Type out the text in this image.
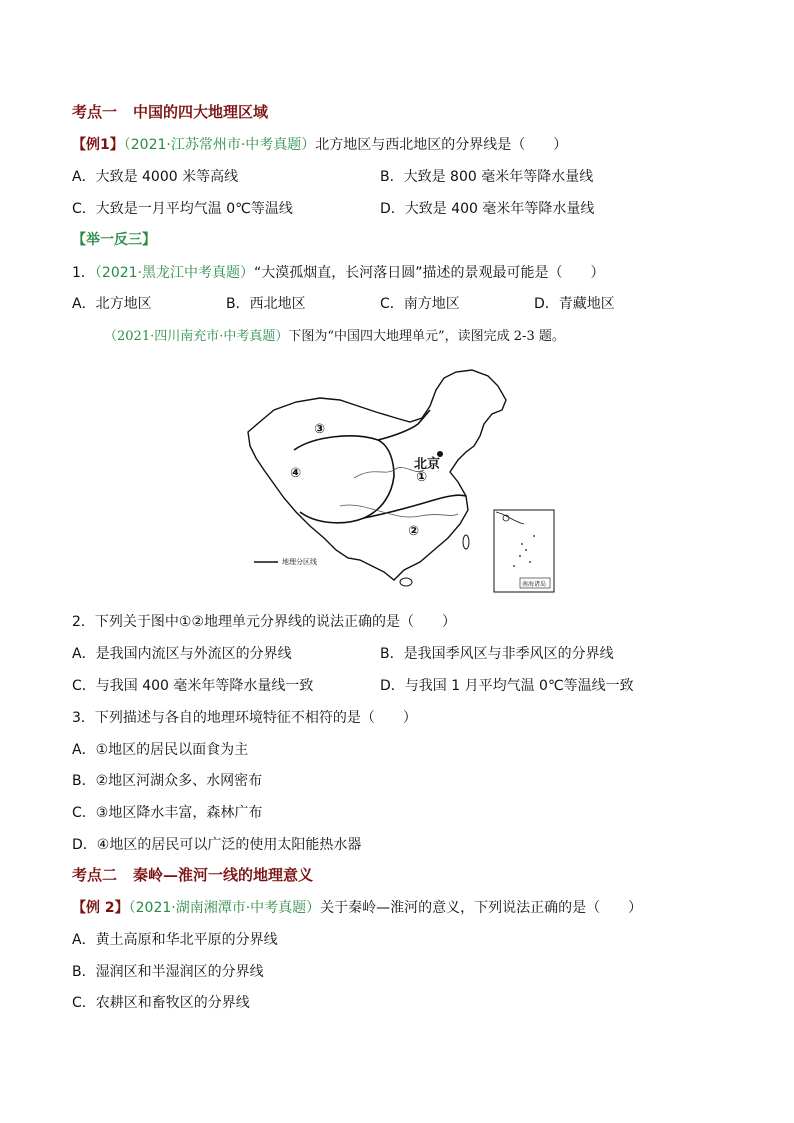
考点一 中国的四大地理区域
【例1】（2021·江苏常州市·中考真题）北方地区与西北地区的分界线是（　　）
A．大致是 4000 米等高线	B．大致是 800 毫米年等降水量线
C．大致是一月平均气温 0℃等温线	D．大致是 400 毫米年等降水量线
【举一反三】
1．（2021·黑龙江中考真题）“大漠孤烟直，长河落日圆”描述的景观最可能是（　　）
A．北方地区	B．西北地区	C．南方地区	D．青藏地区
（2021·四川南充市·中考真题）下图为“中国四大地理单元”，读图完成 2-3 题。
③
④
北京
①
②
地理分区线
南海诸岛
2．下列关于图中①②地理单元分界线的说法正确的是（　　）
A．是我国内流区与外流区的分界线	B．是我国季风区与非季风区的分界线
C．与我国 400 毫米年等降水量线一致	D．与我国 1 月平均气温 0℃等温线一致
3．下列描述与各自的地理环境特征不相符的是（　　）
A．①地区的居民以面食为主
B．②地区河湖众多、水网密布
C．③地区降水丰富，森林广布
D．④地区的居民可以广泛的使用太阳能热水器
考点二 秦岭—淮河一线的地理意义
【例 2】（2021·湖南湘潭市·中考真题）关于秦岭—淮河的意义，下列说法正确的是（　　）
A．黄土高原和华北平原的分界线
B．湿润区和半湿润区的分界线
C．农耕区和畜牧区的分界线
